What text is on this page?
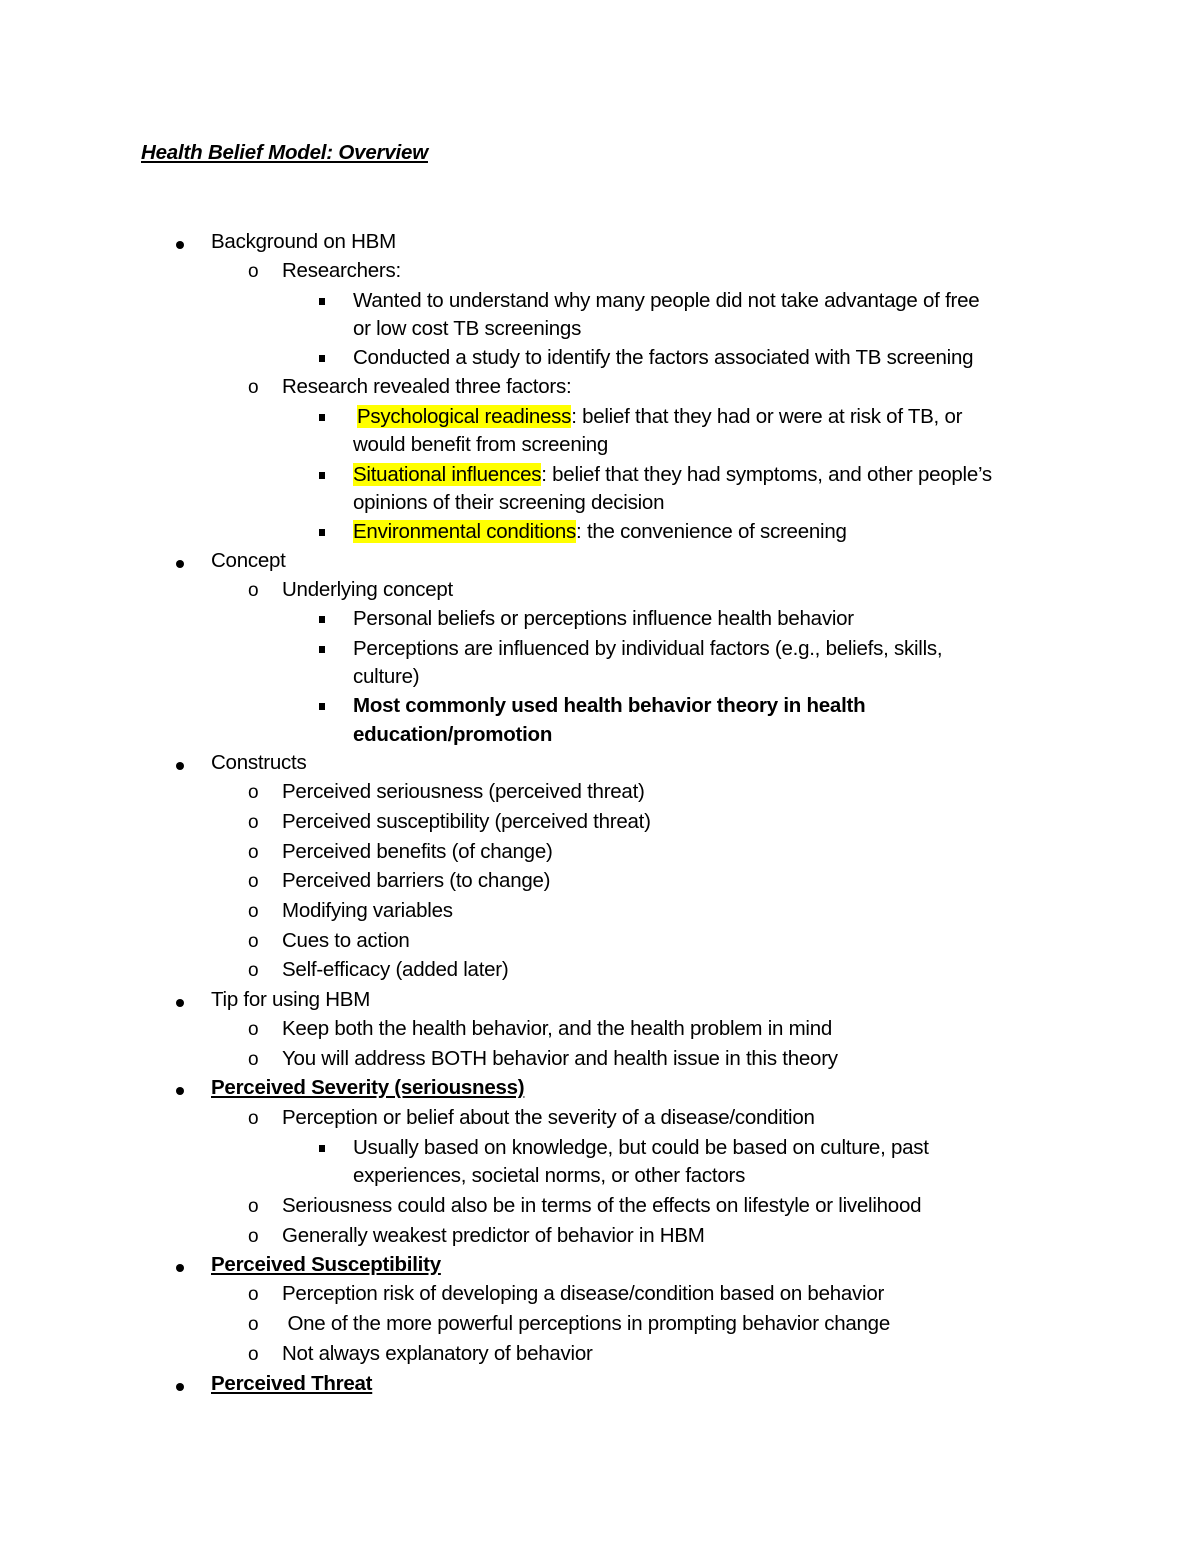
Health Belief Model: Overview
Background on HBM
o Researchers:
Wanted to understand why many people did not take advantage of free
or low cost TB screenings
Conducted a study to identify the factors associated with TB screening
o Research revealed three factors:
Psychological readiness: belief that they had or were at risk of TB, or
would benefit from screening
Situational influences: belief that they had symptoms, and other people’s
opinions of their screening decision
Environmental conditions: the convenience of screening
Concept
o Underlying concept
Personal beliefs or perceptions influence health behavior
Perceptions are influenced by individual factors (e.g., beliefs, skills,
culture)
Most commonly used health behavior theory in health
education/promotion
Constructs
o Perceived seriousness (perceived threat)
o Perceived susceptibility (perceived threat)
o Perceived benefits (of change)
o Perceived barriers (to change)
o Modifying variables
o Cues to action
o Self-efficacy (added later)
Tip for using HBM
o Keep both the health behavior, and the health problem in mind
o You will address BOTH behavior and health issue in this theory
Perceived Severity (seriousness)
o Perception or belief about the severity of a disease/condition
Usually based on knowledge, but could be based on culture, past
experiences, societal norms, or other factors
o Seriousness could also be in terms of the effects on lifestyle or livelihood
o Generally weakest predictor of behavior in HBM
Perceived Susceptibility
o Perception risk of developing a disease/condition based on behavior
o One of the more powerful perceptions in prompting behavior change
o Not always explanatory of behavior
Perceived Threat
